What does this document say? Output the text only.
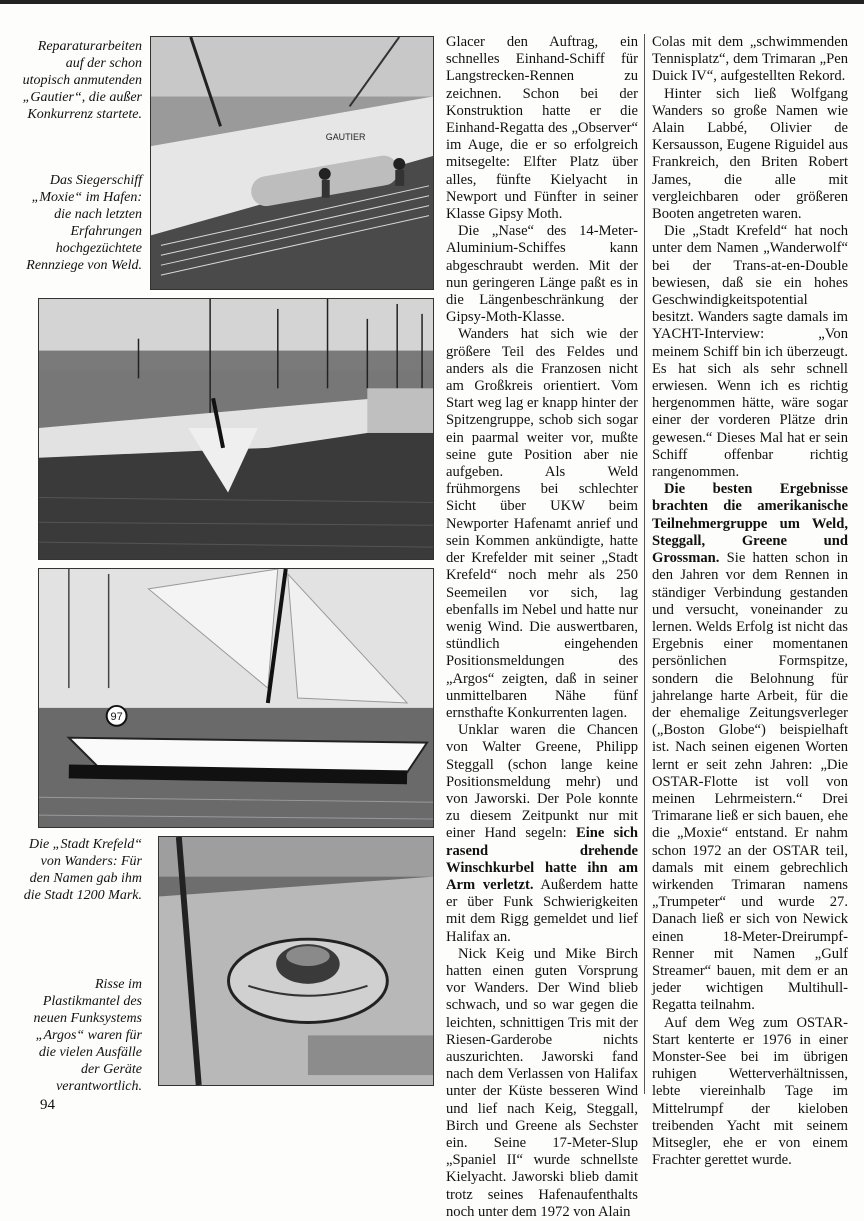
Reparaturarbeiten auf der schon utopisch anmutenden „Gautier“, die außer Konkurrenz startete.
Das Siegerschiff „Moxie“ im Hafen: die nach letzten Erfahrungen hochgezüchtete Rennziege von Weld.
Die „Stadt Krefeld“ von Wanders: Für den Namen gab ihm die Stadt 1200 Mark.
Risse im Plastikmantel des neuen Funksystems „Argos“ waren für die vielen Ausfälle der Geräte verantwortlich.
GAUTIER
97

Glacer den Auftrag, ein schnelles Einhand-Schiff für Langstrecken-Rennen zu zeichnen. Schon bei der Konstruktion hatte er die Einhand-Regatta des „Observer“ im Auge, die er so erfolgreich mitsegelte: Elfter Platz über alles, fünfte Kielyacht in Newport und Fünfter in seiner Klasse Gipsy Moth.

Die „Nase“ des 14-Meter-Aluminium-Schiffes kann abgeschraubt werden. Mit der nun geringeren Länge paßt es in die Längenbeschränkung der Gipsy-Moth-Klasse.

Wanders hat sich wie der größere Teil des Feldes und anders als die Franzosen nicht am Großkreis orientiert. Vom Start weg lag er knapp hinter der Spitzengruppe, schob sich sogar ein paarmal weiter vor, mußte seine gute Position aber nie aufgeben. Als Weld frühmorgens bei schlechter Sicht über UKW beim Newporter Hafenamt anrief und sein Kommen ankündigte, hatte der Krefelder mit seiner „Stadt Krefeld“ noch mehr als 250 Seemeilen vor sich, lag ebenfalls im Nebel und hatte nur wenig Wind. Die auswertbaren, stündlich eingehenden Positionsmeldungen des „Argos“ zeigten, daß in seiner unmittelbaren Nähe fünf ernsthafte Konkurrenten lagen.

Unklar waren die Chancen von Walter Greene, Philipp Steggall (schon lange keine Positionsmeldung mehr) und von Jaworski. Der Pole konnte zu diesem Zeitpunkt nur mit einer Hand segeln: Eine sich rasend drehende Winschkurbel hatte ihn am Arm verletzt. Außerdem hatte er über Funk Schwierigkeiten mit dem Rigg gemeldet und lief Halifax an.

Nick Keig und Mike Birch hatten einen guten Vorsprung vor Wanders. Der Wind blieb schwach, und so war gegen die leichten, schnittigen Tris mit der Riesen-Garderobe nichts auszurichten. Jaworski fand nach dem Verlassen von Halifax unter der Küste besseren Wind und lief nach Keig, Steggall, Birch und Greene als Sechster ein. Seine 17-Meter-Slup „Spaniel II“ wurde schnellste Kielyacht. Jaworski blieb damit trotz seines Hafenaufenthalts noch unter dem 1972 von Alain

Colas mit dem „schwimmenden Tennisplatz“, dem Trimaran „Pen Duick IV“, aufgestellten Rekord.

Hinter sich ließ Wolfgang Wanders so große Namen wie Alain Labbé, Olivier de Kersausson, Eugene Riguidel aus Frankreich, den Briten Robert James, die alle mit vergleichbaren oder größeren Booten angetreten waren.

Die „Stadt Krefeld“ hat noch unter dem Namen „Wanderwolf“ bei der Trans-at-en-Double bewiesen, daß sie ein hohes Geschwindigkeitspotential besitzt. Wanders sagte damals im YACHT-Interview: „Von meinem Schiff bin ich überzeugt. Es hat sich als sehr schnell erwiesen. Wenn ich es richtig hergenommen hätte, wäre sogar einer der vorderen Plätze drin gewesen.“ Dieses Mal hat er sein Schiff offenbar richtig rangenommen.

Die besten Ergebnisse brachten die amerikanische Teilnehmergruppe um Weld, Steggall, Greene und Grossman. Sie hatten schon in den Jahren vor dem Rennen in ständiger Verbindung gestanden und versucht, voneinander zu lernen. Welds Erfolg ist nicht das Ergebnis einer momentanen persönlichen Formspitze, sondern die Belohnung für jahrelange harte Arbeit, für die der ehemalige Zeitungsverleger („Boston Globe“) beispielhaft ist. Nach seinen eigenen Worten lernt er seit zehn Jahren: „Die OSTAR-Flotte ist voll von meinen Lehrmeistern.“ Drei Trimarane ließ er sich bauen, ehe die „Moxie“ entstand. Er nahm schon 1972 an der OSTAR teil, damals mit einem gebrechlich wirkenden Trimaran namens „Trumpeter“ und wurde 27. Danach ließ er sich von Newick einen 18-Meter-Dreirumpf-Renner mit Namen „Gulf Streamer“ bauen, mit dem er an jeder wichtigen Multihull-Regatta teilnahm.

Auf dem Weg zum OSTAR-Start kenterte er 1976 in einer Monster-See bei im übrigen ruhigen Wetterverhältnissen, lebte viereinhalb Tage im Mittelrumpf der kieloben treibenden Yacht mit seinem Mitsegler, ehe er von einem Frachter gerettet wurde.

94
